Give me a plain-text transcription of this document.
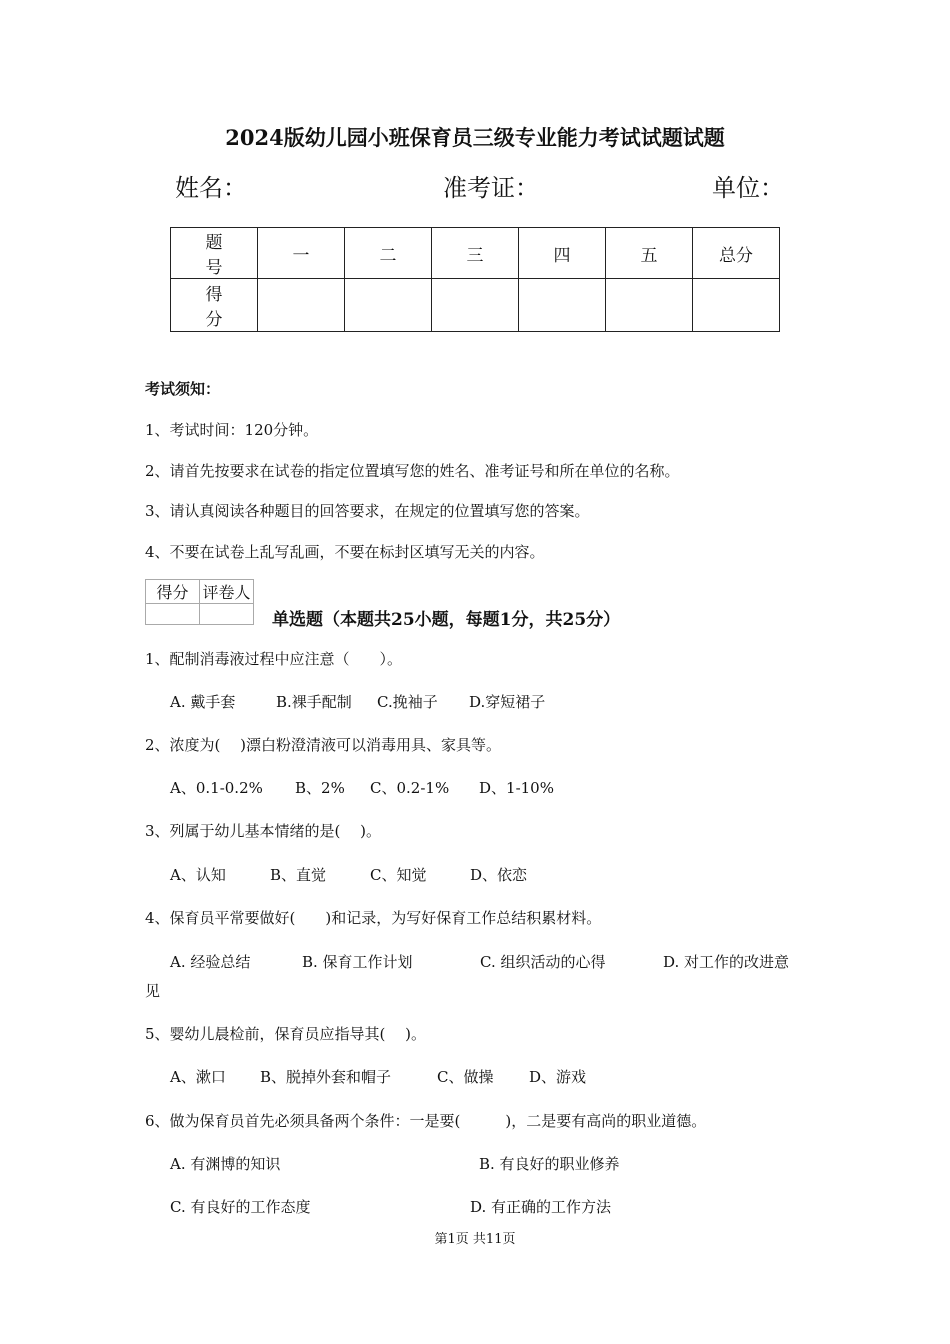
2024版幼儿园小班保育员三级专业能力考试试题试题
姓名：	准考证：	单位：
题 号	一	二	三	四	五	总分
得 分						
考试须知：
1、考试时间：120分钟。
2、请首先按要求在试卷的指定位置填写您的姓名、准考证号和所在单位的名称。
3、请认真阅读各种题目的回答要求，在规定的位置填写您的答案。
4、不要在试卷上乱写乱画，不要在标封区填写无关的内容。
得分	评卷人

单选题（本题共25小题，每题1分，共25分）
1、配制消毒液过程中应注意（　　）。
A. 戴手套	B.裸手配制 C.挽袖子 D.穿短裙子
2、浓度为(　 )漂白粉澄清液可以消毒用具、家具等。
A、0.1-0.2% B、2% C、0.2-1% D、1-10%
3、列属于幼儿基本情绪的是(　 )。
A、认知	B、直觉	C、知觉	D、依恋
4、保育员平常要做好(　　)和记录，为写好保育工作总结积累材料。
A. 经验总结	B. 保育工作计划	C. 组织活动的心得	D. 对工作的改进意
见
5、婴幼儿晨检前，保育员应指导其(　 )。
A、漱口 B、脱掉外套和帽子	C、做操 D、游戏
6、做为保育员首先必须具备两个条件：一是要(　　　)，二是要有高尚的职业道德。
A. 有渊博的知识	B. 有良好的职业修养
C. 有良好的工作态度	D. 有正确的工作方法
第1页 共11页
